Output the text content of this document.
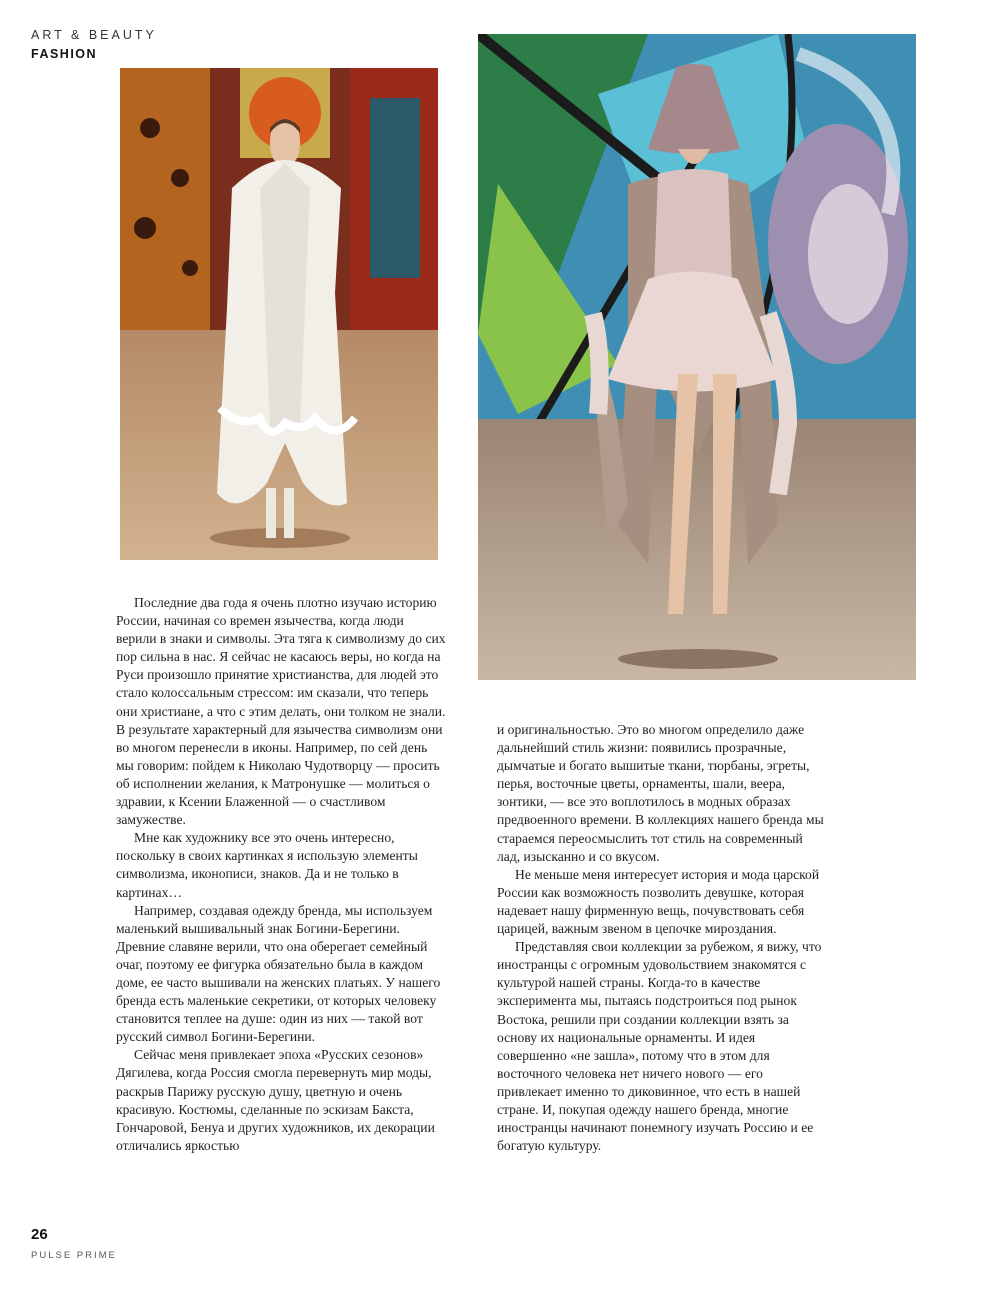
ART & BEAUTY
FASHION

Последние два года я очень плотно изучаю историю России, начиная со времен язычества, когда люди верили в знаки и символы. Эта тяга к символизму до сих пор сильна в нас. Я сейчас не касаюсь веры, но когда на Руси произошло принятие христианства, для людей это стало колоссальным стрессом: им сказали, что теперь они христиане, а что с этим делать, они толком не знали. В результате характерный для язычества символизм они во многом перенесли в иконы. Например, по сей день мы говорим: пойдем к Николаю Чудотворцу — просить об исполнении желания, к Матронушке — молиться о здравии, к Ксении Блаженной — о счастливом замужестве.

Мне как художнику все это очень интересно, поскольку в своих картинках я использую элементы символизма, иконописи, знаков. Да и не только в картинах…

Например, создавая одежду бренда, мы используем маленький вышивальный знак Богини-Берегини. Древние славяне верили, что она оберегает семейный очаг, поэтому ее фигурка обязательно была в каждом доме, ее часто вышивали на женских платьях. У нашего бренда есть маленькие секретики, от которых человеку становится теплее на душе: один из них — такой вот русский символ Богини-Берегини.

Сейчас меня привлекает эпоха «Русских сезонов» Дягилева, когда Россия смогла перевернуть мир моды, раскрыв Парижу русскую душу, цветную и очень красивую. Костюмы, сделанные по эскизам Бакста, Гончаровой, Бенуа и других художников, их декорации отличались яркостью

и оригинальностью. Это во многом определило даже дальнейший стиль жизни: появились прозрачные, дымчатые и богато вышитые ткани, тюрбаны, эгреты, перья, восточные цветы, орнаменты, шали, веера, зонтики, — все это воплотилось в модных образах предвоенного времени. В коллекциях нашего бренда мы стараемся переосмыслить тот стиль на современный лад, изысканно и со вкусом.

Не меньше меня интересует история и мода царской России как возможность позволить девушке, которая надевает нашу фирменную вещь, почувствовать себя царицей, важным звеном в цепочке мироздания.

Представляя свои коллекции за рубежом, я вижу, что иностранцы с огромным удовольствием знакомятся с культурой нашей страны. Когда-то в качестве эксперимента мы, пытаясь подстроиться под рынок Востока, решили при создании коллекции взять за основу их национальные орнаменты. И идея совершенно «не зашла», потому что в этом для восточного человека нет ничего нового — его привлекает именно то диковинное, что есть в нашей стране. И, покупая одежду нашего бренда, многие иностранцы начинают понемногу изучать Россию и ее богатую культуру.

26
PULSE PRIME
